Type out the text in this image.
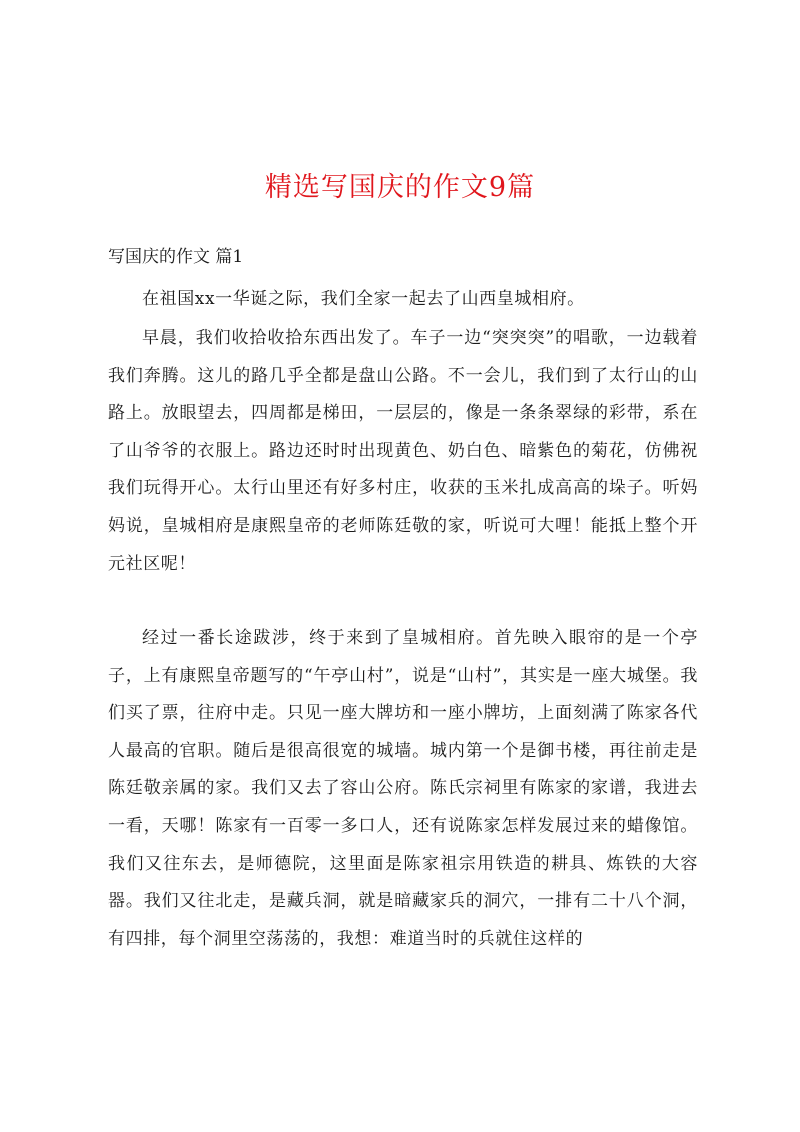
精选写国庆的作文9篇

写国庆的作文 篇1

在祖国xx一华诞之际，我们全家一起去了山西皇城相府。

早晨，我们收拾收拾东西出发了。车子一边“突突突”的唱歌，一边载着我们奔腾。这儿的路几乎全都是盘山公路。不一会儿，我们到了太行山的山路上。放眼望去，四周都是梯田，一层层的，像是一条条翠绿的彩带，系在了山爷爷的衣服上。路边还时时出现黄色、奶白色、暗紫色的菊花，仿佛祝我们玩得开心。太行山里还有好多村庄，收获的玉米扎成高高的垛子。听妈妈说，皇城相府是康熙皇帝的老师陈廷敬的家，听说可大哩！能抵上整个开元社区呢！

经过一番长途跋涉，终于来到了皇城相府。首先映入眼帘的是一个亭子，上有康熙皇帝题写的“午亭山村”，说是“山村”，其实是一座大城堡。我们买了票，往府中走。只见一座大牌坊和一座小牌坊，上面刻满了陈家各代人最高的官职。随后是很高很宽的城墙。城内第一个是御书楼，再往前走是陈廷敬亲属的家。我们又去了容山公府。陈氏宗祠里有陈家的家谱，我进去一看，天哪！陈家有一百零一多口人，还有说陈家怎样发展过来的蜡像馆。我们又往东去，是师德院，这里面是陈家祖宗用铁造的耕具、炼铁的大容器。我们又往北走，是藏兵洞，就是暗藏家兵的洞穴，一排有二十八个洞，有四排，每个洞里空荡荡的，我想：难道当时的兵就住这样的
